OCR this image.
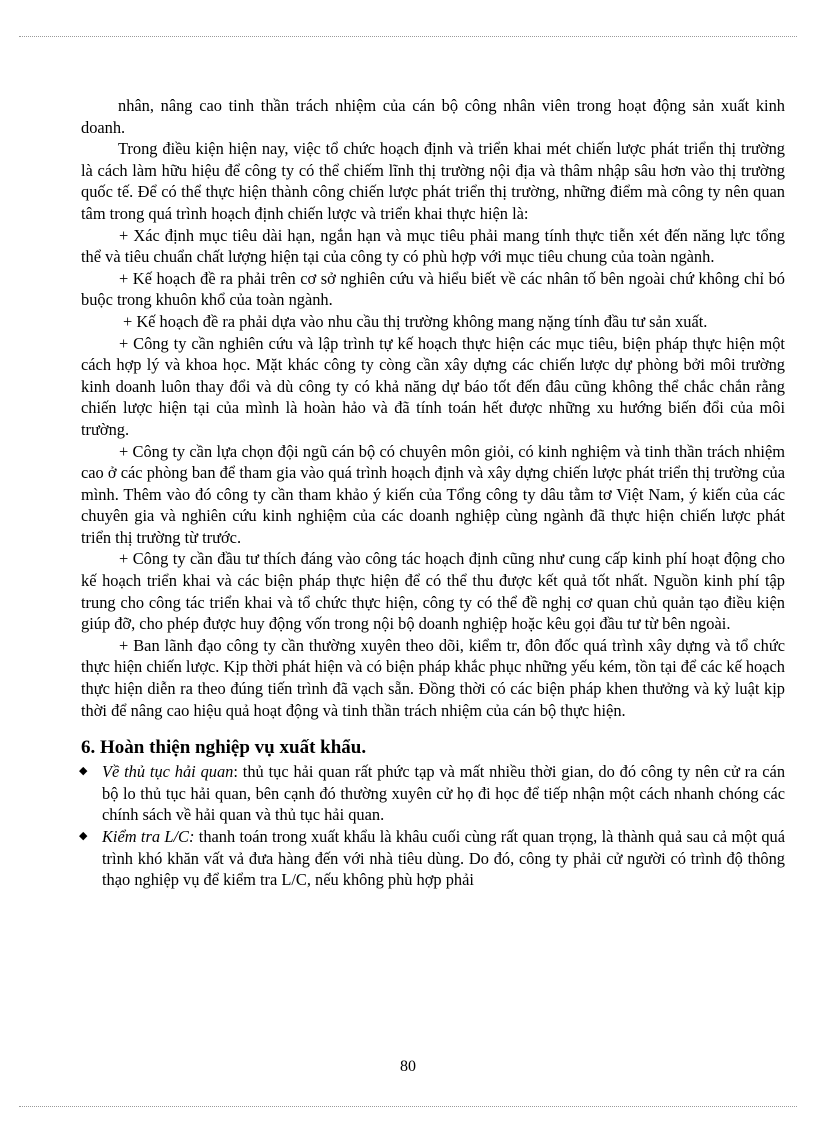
nhân, nâng cao tinh thần trách nhiệm của cán bộ công nhân viên trong hoạt động sản xuất kinh doanh.

Trong điều kiện hiện nay, việc tổ chức hoạch định và triển khai mét chiến lược phát triển thị trường là cách làm hữu hiệu để công ty có thể chiếm lĩnh thị trường nội địa và thâm nhập sâu hơn vào thị trường quốc tế. Để có thể thực hiện thành công chiến lược phát triển thị trường, những điểm mà công ty nên quan tâm trong quá trình hoạch định chiến lược và triển khai thực hiện là:

+ Xác định mục tiêu dài hạn, ngắn hạn và mục tiêu phải mang tính thực tiễn xét đến năng lực tổng thể và tiêu chuẩn chất lượng hiện tại của công ty có phù hợp với mục tiêu chung của toàn ngành.

+ Kế hoạch đề ra phải trên cơ sở nghiên cứu và hiểu biết về các nhân tố bên ngoài chứ không chỉ bó buộc trong khuôn khổ của toàn ngành.

+ Kế hoạch đề ra phải dựa vào nhu cầu thị trường không mang nặng tính đầu tư sản xuất.

+ Công ty cần nghiên cứu và lập trình tự kế hoạch thực hiện các mục tiêu, biện pháp thực hiện một cách hợp lý và khoa học. Mặt khác công ty còng cần xây dựng các chiến lược dự phòng bởi môi trường kinh doanh luôn thay đổi và dù công ty có khả năng dự báo tốt đến đâu cũng không thể chắc chắn rằng chiến lược hiện tại của mình là hoàn hảo và đã tính toán hết được những xu hướng biến đổi của môi trường.

+ Công ty cần lựa chọn đội ngũ cán bộ có chuyên môn giỏi, có kinh nghiệm và tinh thần trách nhiệm cao ở các phòng ban để tham gia vào quá trình hoạch định và xây dựng chiến lược phát triển thị trường của mình. Thêm vào đó công ty cần tham khảo ý kiến của Tổng công ty dâu tằm tơ Việt Nam, ý kiến của các chuyên gia và nghiên cứu kinh nghiệm của các doanh nghiệp cùng ngành đã thực hiện chiến lược phát triển thị trường từ trước.

+ Công ty cần đầu tư thích đáng vào công tác hoạch định cũng như cung cấp kinh phí hoạt động cho kế hoạch triển khai và các biện pháp thực hiện để có thể thu được kết quả tốt nhất. Nguồn kinh phí tập trung cho công tác triển khai và tổ chức thực hiện, công ty có thể đề nghị cơ quan chủ quản tạo điều kiện giúp đỡ, cho phép được huy động vốn trong nội bộ doanh nghiệp hoặc kêu gọi đầu tư từ bên ngoài.

+ Ban lãnh đạo công ty cần thường xuyên theo dõi, kiểm tr, đôn đốc quá trình xây dựng và tổ chức thực hiện chiến lược. Kịp thời phát hiện và có biện pháp khắc phục những yếu kém, tồn tại để các kế hoạch thực hiện diễn ra theo đúng tiến trình đã vạch sẵn. Đồng thời có các biện pháp khen thưởng và kỷ luật kịp thời để nâng cao hiệu quả hoạt động và tinh thần trách nhiệm của cán bộ thực hiện.

6. Hoàn thiện nghiệp vụ xuất khẩu.
◆ Về thủ tục hải quan: thủ tục hải quan rất phức tạp và mất nhiều thời gian, do đó công ty nên cử ra cán bộ lo thủ tục hải quan, bên cạnh đó thường xuyên cử họ đi học để tiếp nhận một cách nhanh chóng các chính sách về hải quan và thủ tục hải quan.
◆ Kiểm tra L/C: thanh toán trong xuất khẩu là khâu cuối cùng rất quan trọng, là thành quả sau cả một quá trình khó khăn vất vả đưa hàng đến với nhà tiêu dùng. Do đó, công ty phải cử người có trình độ thông thạo nghiệp vụ để kiểm tra L/C, nếu không phù hợp phải
80
